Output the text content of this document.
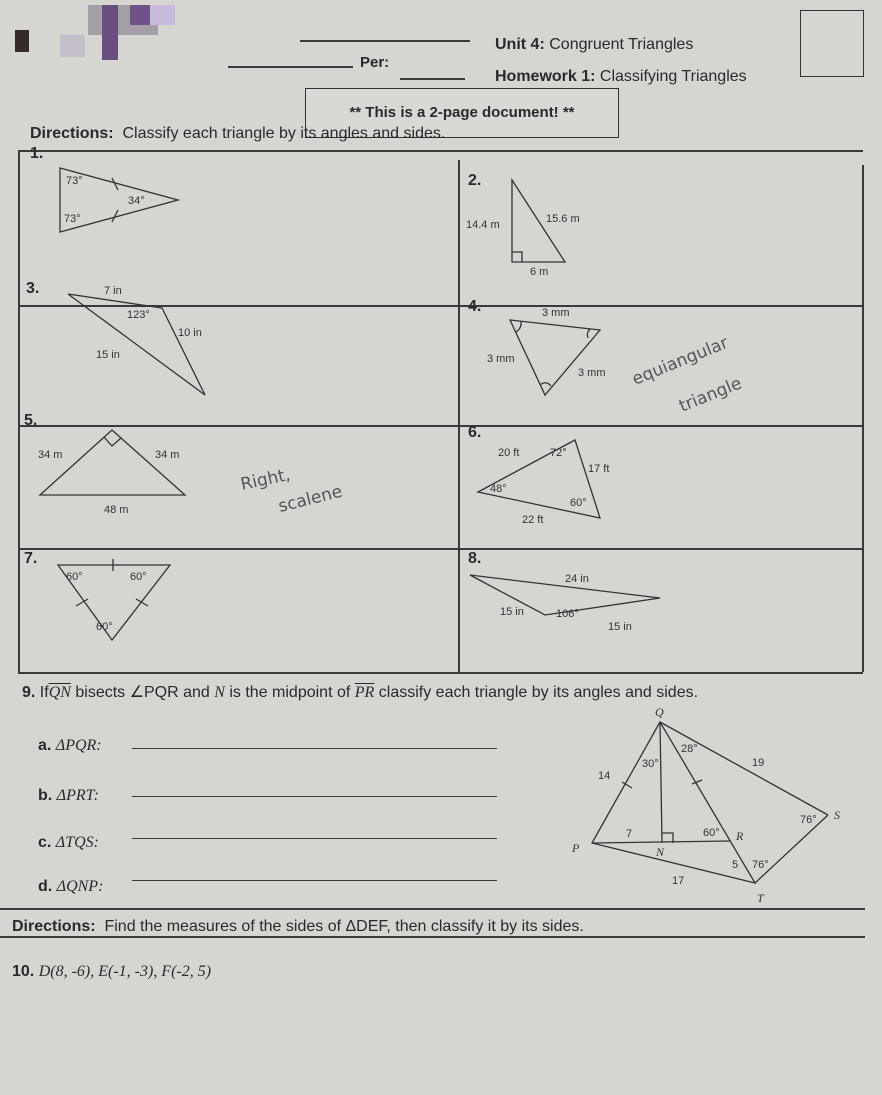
Per:
Unit 4: Congruent Triangles
Homework 1: Classifying Triangles
** This is a 2-page document! **
Directions: Classify each triangle by its angles and sides.
1.
2.
3.
4.
5.
6.
7.	8.
9. $If\overline{QN}$ bisects ∠PQR and N is the midpoint of $\overline{PR}$ classify each triangle by its angles and sides.
a. ΔPQR:
b. ΔPRT:
c. ΔTQS:
d. ΔQNP:
Directions: Find the measures of the sides of ΔDEF, then classify it by its sides.
10. D(8, -6), E(-1, -3), F(-2, 5)
73°
34°
73°	14.4 m	15.6 m
6 m
7 in
123°
10 in
15 in
3 mm
3 mm
3 mm equiangular
triangle
34 m	34 m
48 m
Right,
scalene
20 ft	72°
17 ft
48°
60°
22 ft
60°	60°
60°
24 in
15 in	106°
15 in
Q
P	N
R
S
T
14
30°
28°
19
7	60°
76°
5 76°
17
